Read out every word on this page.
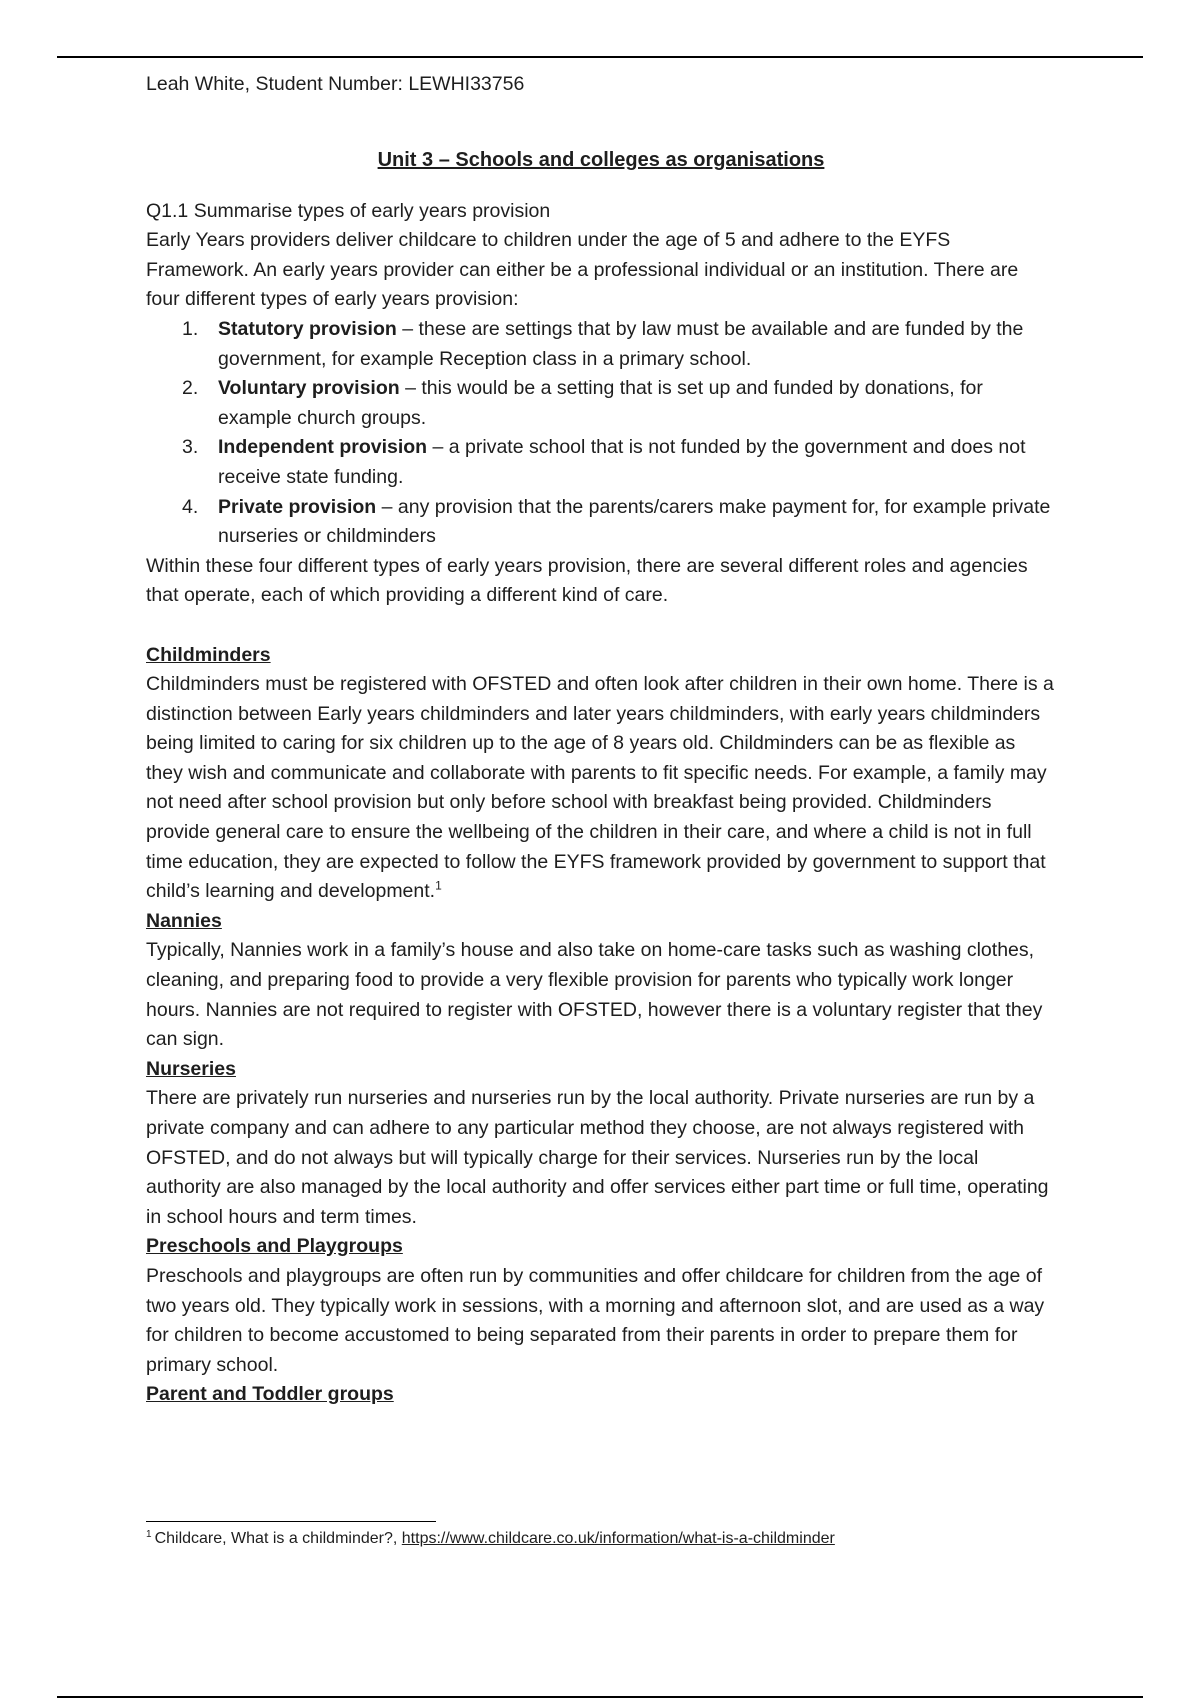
Leah White, Student Number: LEWHI33756

Unit 3 – Schools and colleges as organisations

Q1.1 Summarise types of early years provision

Early Years providers deliver childcare to children under the age of 5 and adhere to the EYFS Framework. An early years provider can either be a professional individual or an institution. There are four different types of early years provision:

1. Statutory provision – these are settings that by law must be available and are funded by the government, for example Reception class in a primary school.
2. Voluntary provision – this would be a setting that is set up and funded by donations, for example church groups.
3. Independent provision – a private school that is not funded by the government and does not receive state funding.
4. Private provision – any provision that the parents/carers make payment for, for example private nurseries or childminders

Within these four different types of early years provision, there are several different roles and agencies that operate, each of which providing a different kind of care.

Childminders

Childminders must be registered with OFSTED and often look after children in their own home. There is a distinction between Early years childminders and later years childminders, with early years childminders being limited to caring for six children up to the age of 8 years old. Childminders can be as flexible as they wish and communicate and collaborate with parents to fit specific needs. For example, a family may not need after school provision but only before school with breakfast being provided. Childminders provide general care to ensure the wellbeing of the children in their care, and where a child is not in full time education, they are expected to follow the EYFS framework provided by government to support that child’s learning and development.$^1$

Nannies

Typically, Nannies work in a family’s house and also take on home-care tasks such as washing clothes, cleaning, and preparing food to provide a very flexible provision for parents who typically work longer hours. Nannies are not required to register with OFSTED, however there is a voluntary register that they can sign.

Nurseries

There are privately run nurseries and nurseries run by the local authority. Private nurseries are run by a private company and can adhere to any particular method they choose, are not always registered with OFSTED, and do not always but will typically charge for their services. Nurseries run by the local authority are also managed by the local authority and offer services either part time or full time, operating in school hours and term times.

Preschools and Playgroups

Preschools and playgroups are often run by communities and offer childcare for children from the age of two years old. They typically work in sessions, with a morning and afternoon slot, and are used as a way for children to become accustomed to being separated from their parents in order to prepare them for primary school.

Parent and Toddler groups

$^1$ Childcare, What is a childminder?, https://www.childcare.co.uk/information/what-is-a-childminder
